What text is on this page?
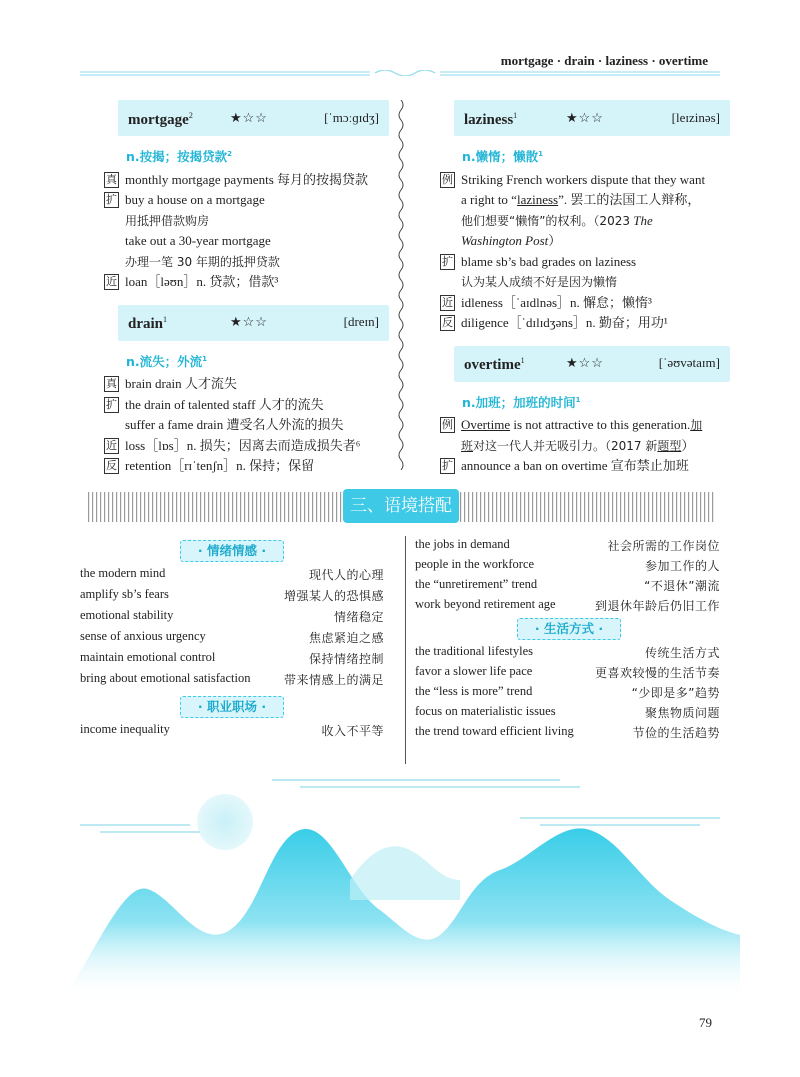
mortgage · drain · laziness · overtime
mortgage$^2$	★☆☆	[ˈmɔːɡɪdʒ]
n.按揭；按揭贷款$^2$
真 monthly mortgage payments 每月的按揭贷款
扩 buy a house on a mortgage
用抵押借款购房
take out a 30-year mortgage
办理一笔 30 年期的抵押贷款
近 loan［ləʊn］n. 贷款；借款³
drain$^1$	★☆☆	[dreɪn]
n.流失；外流$^1$
真 brain drain 人才流失
扩 the drain of talented staff 人才的流失
suffer a fame drain 遭受名人外流的损失
近 loss［lɒs］n. 损失；因离去而造成损失者⁶
反 retention［rɪˈtenʃn］n. 保持；保留
laziness$^1$	★☆☆	[leɪzinəs]
n.懒惰；懒散$^1$
例 Striking French workers dispute that they want
a right to “laziness”. 罢工的法国工人辩称，
他们想要“懒惰”的权利。（2023 The
Washington Post）
扩 blame sb’s bad grades on laziness
认为某人成绩不好是因为懒惰
近 idleness［ˈaɪdlnəs］n. 懈怠；懒惰³
反 diligence［ˈdɪlɪdʒəns］n. 勤奋；用功¹
overtime$^1$	★☆☆	[ˈəʊvətaɪm]
n.加班；加班的时间$^1$
例 Overtime is not attractive to this generation.加
班对这一代人并无吸引力。（2017 新题型）
扩 announce a ban on overtime 宣布禁止加班
三、语境搭配
· 情绪情感 ·
· 职业职场 ·
· 生活方式 ·
the modern mind	现代人的心理
amplify sb’s fears	增强某人的恐惧感
emotional stability	情绪稳定
sense of anxious urgency	焦虑紧迫之感
maintain emotional control	保持情绪控制
bring about emotional satisfaction	带来情感上的满足
income inequality	收入不平等
the jobs in demand	社会所需的工作岗位
people in the workforce	参加工作的人
the “unretirement” trend	“不退休”潮流
work beyond retirement age	到退休年龄后仍旧工作
the traditional lifestyles	传统生活方式
favor a slower life pace	更喜欢较慢的生活节奏
the “less is more” trend	“少即是多”趋势
focus on materialistic issues	聚焦物质问题
the trend toward efficient living	节俭的生活趋势
79
